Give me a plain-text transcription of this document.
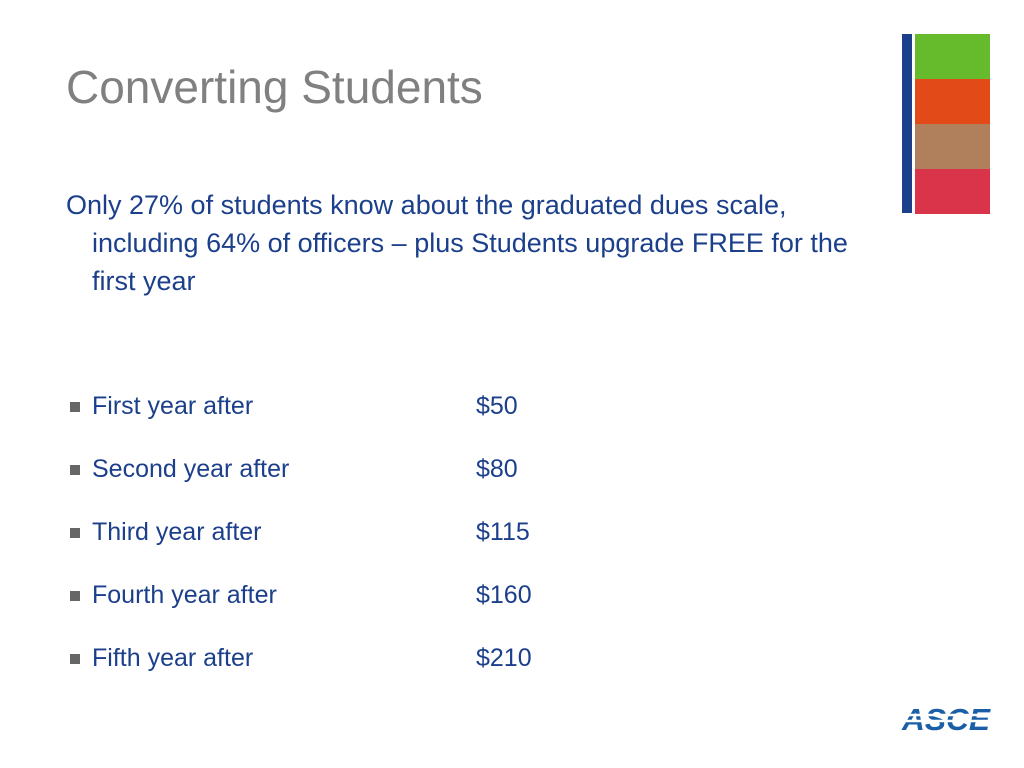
Converting Students
Only 27% of students know about the graduated dues scale, including 64% of officers – plus Students upgrade FREE for the first year
First year after	$50
Second year after	$80
Third year after	$115
Fourth year after	$160
Fifth year after	$210
ASCE
